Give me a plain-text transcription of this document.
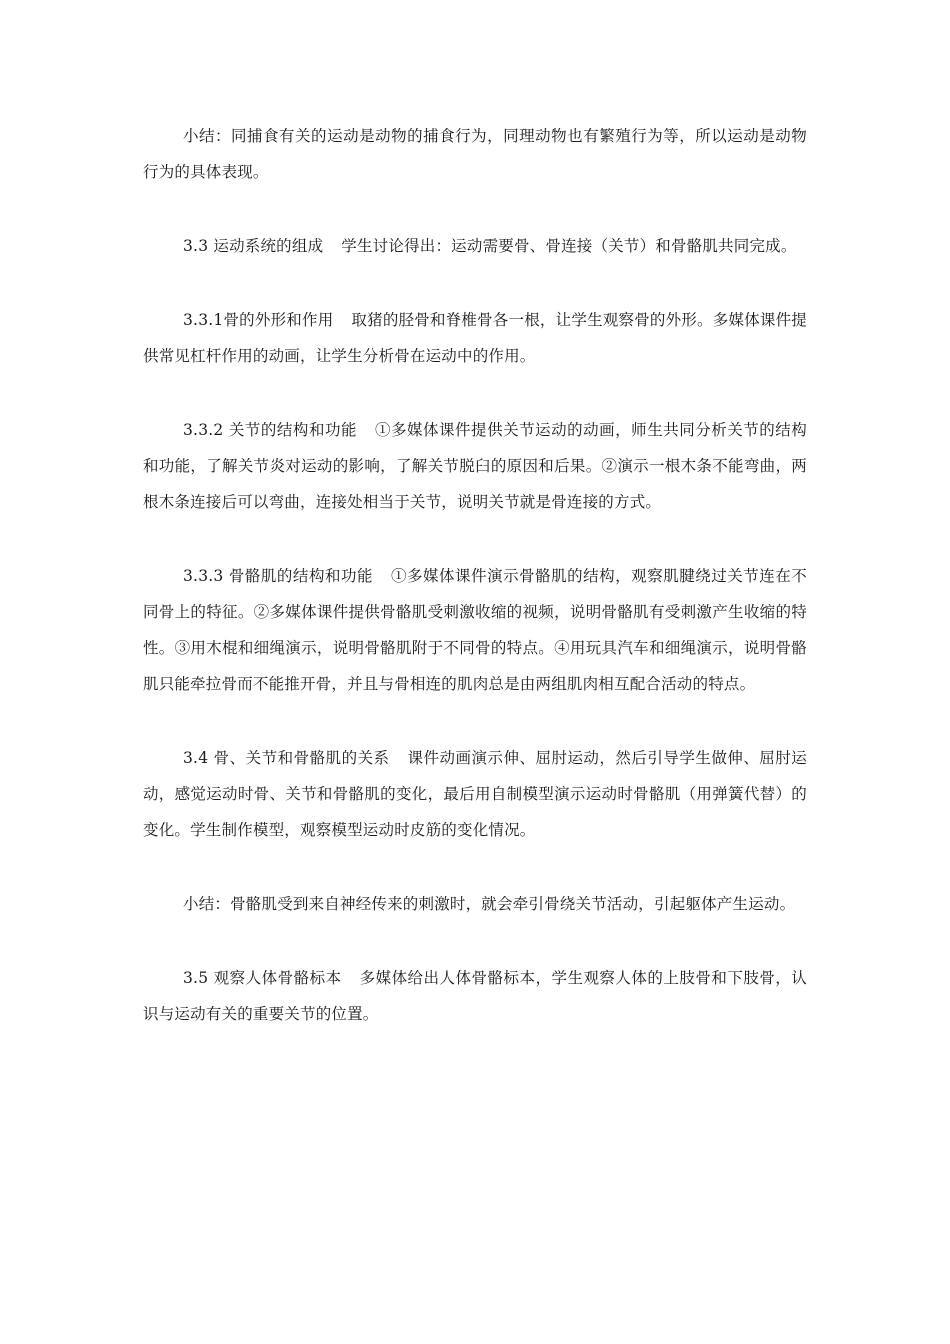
小结：同捕食有关的运动是动物的捕食行为，同理动物也有繁殖行为等，所以运动是动物行为的具体表现。

3.3 运动系统的组成 学生讨论得出：运动需要骨、骨连接（关节）和骨骼肌共同完成。

3.3.1骨的外形和作用 取猪的胫骨和脊椎骨各一根，让学生观察骨的外形。多媒体课件提供常见杠杆作用的动画，让学生分析骨在运动中的作用。

3.3.2 关节的结构和功能 ①多媒体课件提供关节运动的动画，师生共同分析关节的结构和功能，了解关节炎对运动的影响，了解关节脱臼的原因和后果。②演示一根木条不能弯曲，两根木条连接后可以弯曲，连接处相当于关节，说明关节就是骨连接的方式。

3.3.3 骨骼肌的结构和功能 ①多媒体课件演示骨骼肌的结构，观察肌腱绕过关节连在不同骨上的特征。②多媒体课件提供骨骼肌受刺激收缩的视频，说明骨骼肌有受刺激产生收缩的特性。③用木棍和细绳演示，说明骨骼肌附于不同骨的特点。④用玩具汽车和细绳演示，说明骨骼肌只能牵拉骨而不能推开骨，并且与骨相连的肌肉总是由两组肌肉相互配合活动的特点。

3.4 骨、关节和骨骼肌的关系 课件动画演示伸、屈肘运动，然后引导学生做伸、屈肘运动，感觉运动时骨、关节和骨骼肌的变化，最后用自制模型演示运动时骨骼肌（用弹簧代替）的变化。学生制作模型，观察模型运动时皮筋的变化情况。

小结：骨骼肌受到来自神经传来的刺激时，就会牵引骨绕关节活动，引起躯体产生运动。

3.5 观察人体骨骼标本 多媒体给出人体骨骼标本，学生观察人体的上肢骨和下肢骨，认识与运动有关的重要关节的位置。
